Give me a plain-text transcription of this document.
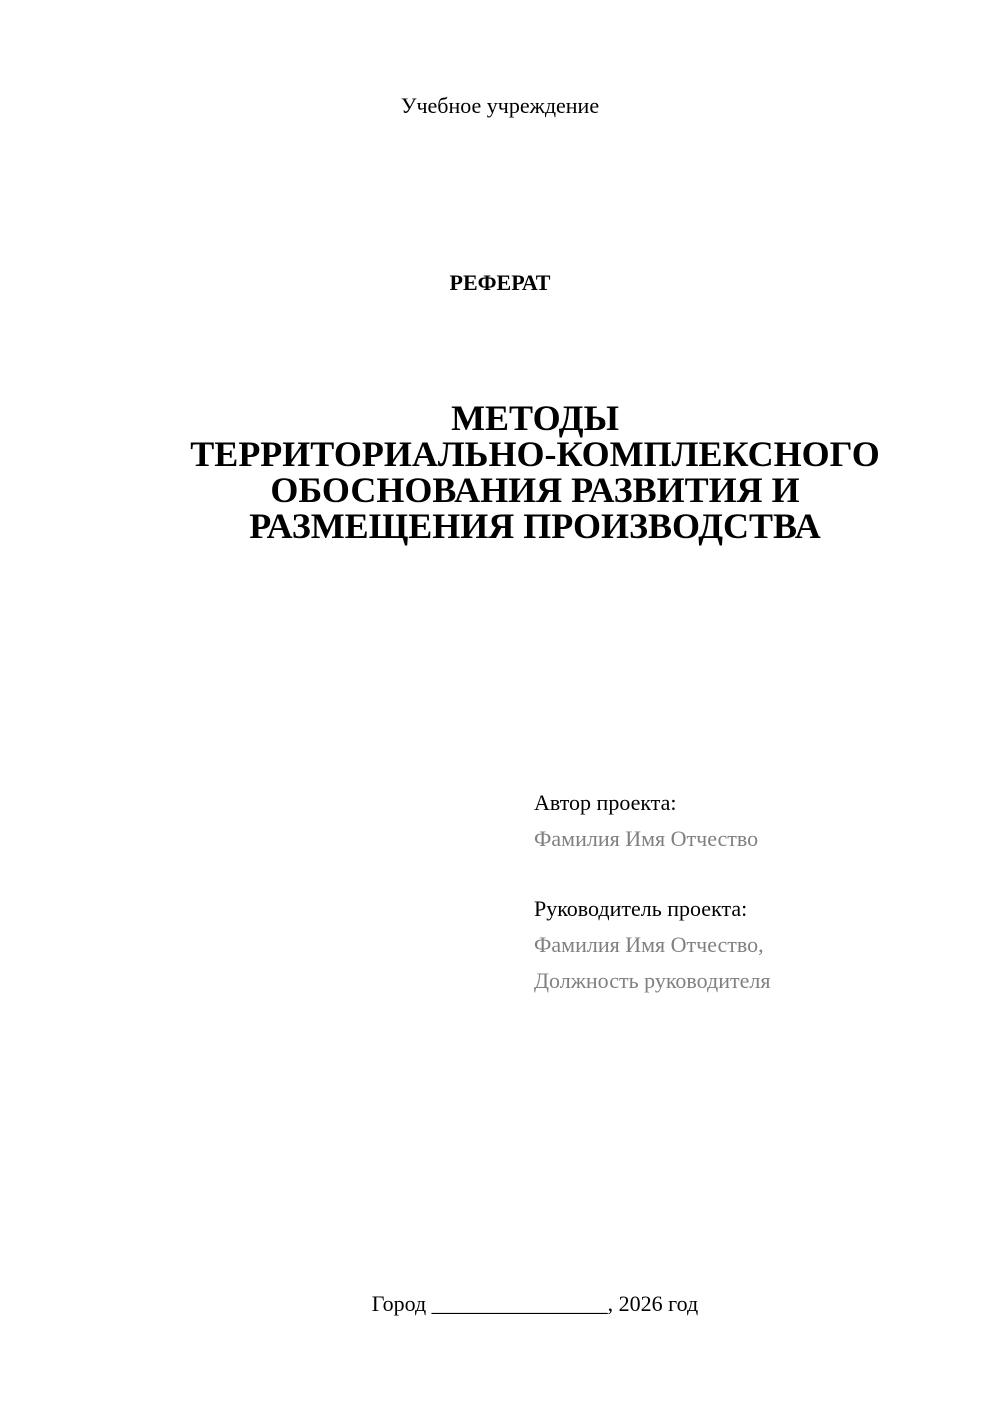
Учебное учреждение
РЕФЕРАТ
МЕТОДЫ
ТЕРРИТОРИАЛЬНО-КОМПЛЕКСНОГО
ОБОСНОВАНИЯ РАЗВИТИЯ И
РАЗМЕЩЕНИЯ ПРОИЗВОДСТВА
Автор проекта:
Фамилия Имя Отчество
Руководитель проекта:
Фамилия Имя Отчество,
Должность руководителя
Город ________________, 2026 год
